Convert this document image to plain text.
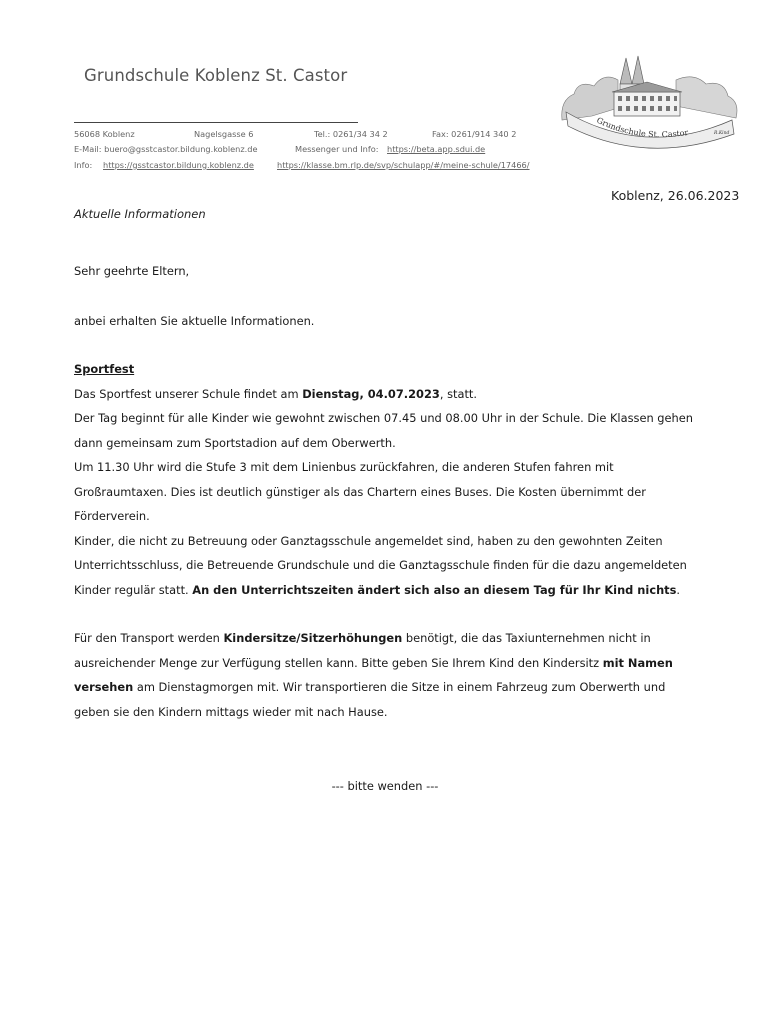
Grundschule Koblenz St. Castor
56068 Koblenz	Nagelsgasse 6	Tel.: 0261/34 34 2	Fax: 0261/914 340 2
E-Mail: buero@gsstcastor.bildung.koblenz.de	Messenger und Info: https://beta.app.sdui.de
Info: https://gsstcastor.bildung.koblenz.de	https://klasse.bm.rlp.de/svp/schulapp/#/meine-schule/17466/
Grundschule St. Castor	R.Kind
Koblenz, 26.06.2023
Aktuelle Informationen
Sehr geehrte Eltern,
anbei erhalten Sie aktuelle Informationen.
Sportfest
Das Sportfest unserer Schule findet am Dienstag, 04.07.2023, statt.
Der Tag beginnt für alle Kinder wie gewohnt zwischen 07.45 und 08.00 Uhr in der Schule. Die Klassen gehen
dann gemeinsam zum Sportstadion auf dem Oberwerth.
Um 11.30 Uhr wird die Stufe 3 mit dem Linienbus zurückfahren, die anderen Stufen fahren mit
Großraumtaxen. Dies ist deutlich günstiger als das Chartern eines Buses. Die Kosten übernimmt der
Förderverein.
Kinder, die nicht zu Betreuung oder Ganztagsschule angemeldet sind, haben zu den gewohnten Zeiten
Unterrichtsschluss, die Betreuende Grundschule und die Ganztagsschule finden für die dazu angemeldeten
Kinder regulär statt. An den Unterrichtszeiten ändert sich also an diesem Tag für Ihr Kind nichts.
Für den Transport werden Kindersitze/Sitzerhöhungen benötigt, die das Taxiunternehmen nicht in
ausreichender Menge zur Verfügung stellen kann. Bitte geben Sie Ihrem Kind den Kindersitz mit Namen
versehen am Dienstagmorgen mit. Wir transportieren die Sitze in einem Fahrzeug zum Oberwerth und
geben sie den Kindern mittags wieder mit nach Hause.
--- bitte wenden ---
